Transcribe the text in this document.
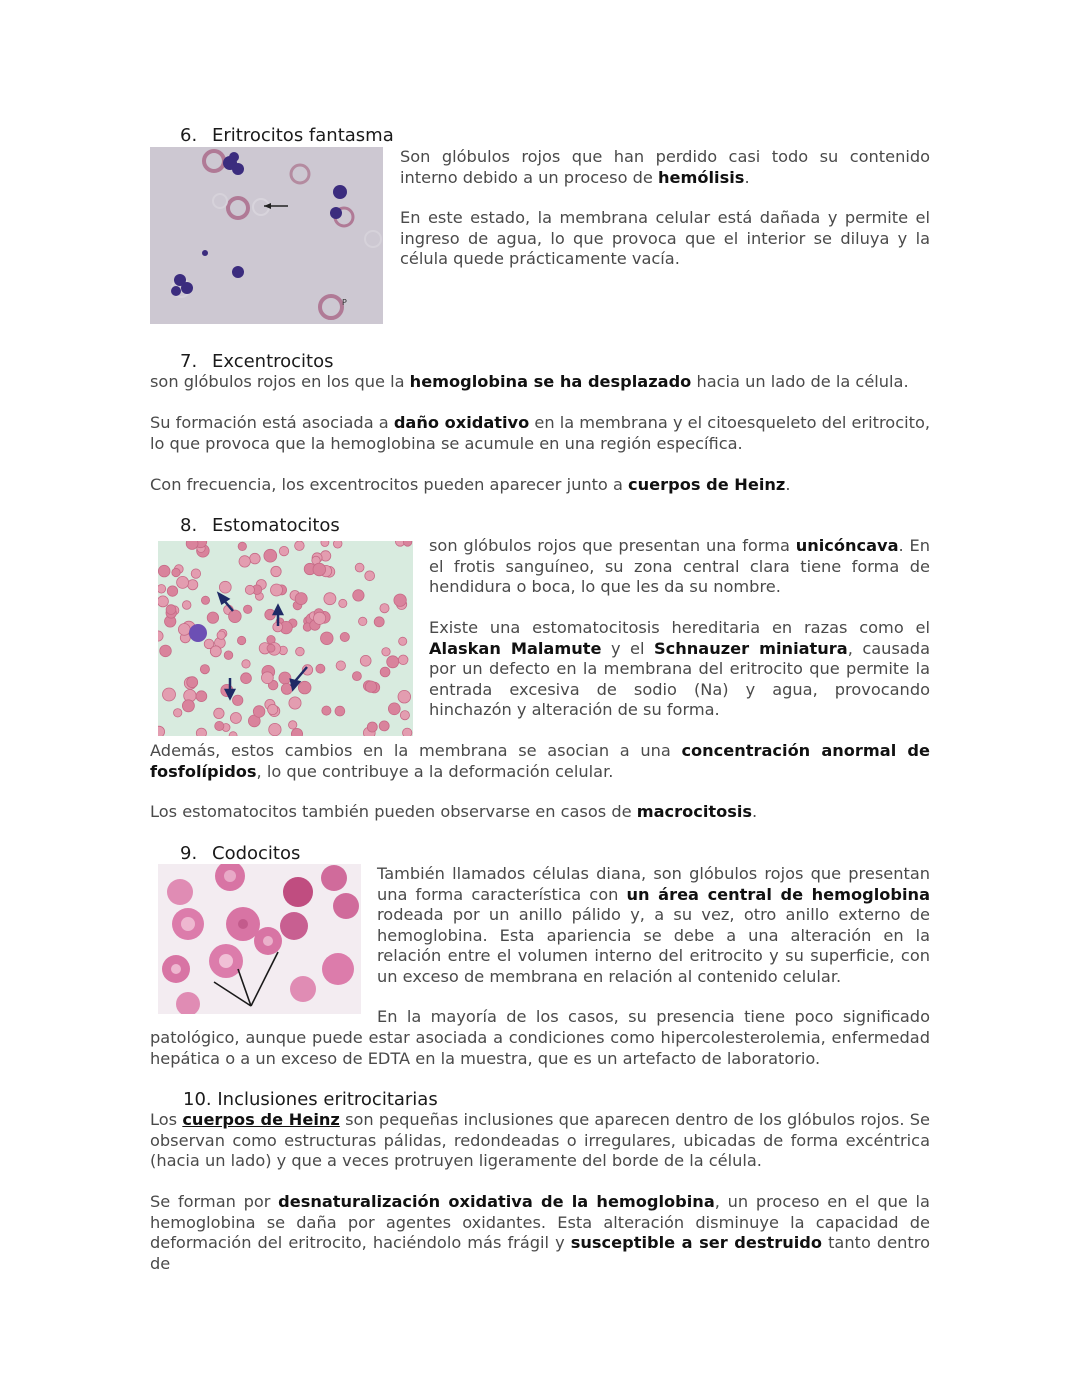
6. Eritrocitos fantasma
P

Son glóbulos rojos que han perdido casi todo su contenido interno debido a un proceso de hemólisis.

En este estado, la membrana celular está dañada y permite el ingreso de agua, lo que provoca que el interior se diluya y la célula quede prácticamente vacía.

7. Excentrocitos

son glóbulos rojos en los que la hemoglobina se ha desplazado hacia un lado de la célula.

Su formación está asociada a daño oxidativo en la membrana y el citoesqueleto del eritrocito, lo que provoca que la hemoglobina se acumule en una región específica.

Con frecuencia, los excentrocitos pueden aparecer junto a cuerpos de Heinz.

8. Estomatocitos

son glóbulos rojos que presentan una forma unicóncava. En el frotis sanguíneo, su zona central clara tiene forma de hendidura o boca, lo que les da su nombre.

Existe una estomatocitosis hereditaria en razas como el Alaskan Malamute y el Schnauzer miniatura, causada por un defecto en la membrana del eritrocito que permite la entrada excesiva de sodio (Na) y agua, provocando hinchazón y alteración de su forma.

Además, estos cambios en la membrana se asocian a una concentración anormal de fosfolípidos, lo que contribuye a la deformación celular.

Los estomatocitos también pueden observarse en casos de macrocitosis.

9. Codocitos

También llamados células diana, son glóbulos rojos que presentan una forma característica con un área central de hemoglobina rodeada por un anillo pálido y, a su vez, otro anillo externo de hemoglobina. Esta apariencia se debe a una alteración en la relación entre el volumen interno del eritrocito y su superficie, con un exceso de membrana en relación al contenido celular.

En la mayoría de los casos, su presencia tiene poco significado

patológico, aunque puede estar asociada a condiciones como hipercolesterolemia, enfermedad hepática o a un exceso de EDTA en la muestra, que es un artefacto de laboratorio.

10. Inclusiones eritrocitarias

Los cuerpos de Heinz son pequeñas inclusiones que aparecen dentro de los glóbulos rojos. Se observan como estructuras pálidas, redondeadas o irregulares, ubicadas de forma excéntrica (hacia un lado) y que a veces protruyen ligeramente del borde de la célula.

Se forman por desnaturalización oxidativa de la hemoglobina, un proceso en el que la hemoglobina se daña por agentes oxidantes. Esta alteración disminuye la capacidad de deformación del eritrocito, haciéndolo más frágil y susceptible a ser destruido tanto dentro de
